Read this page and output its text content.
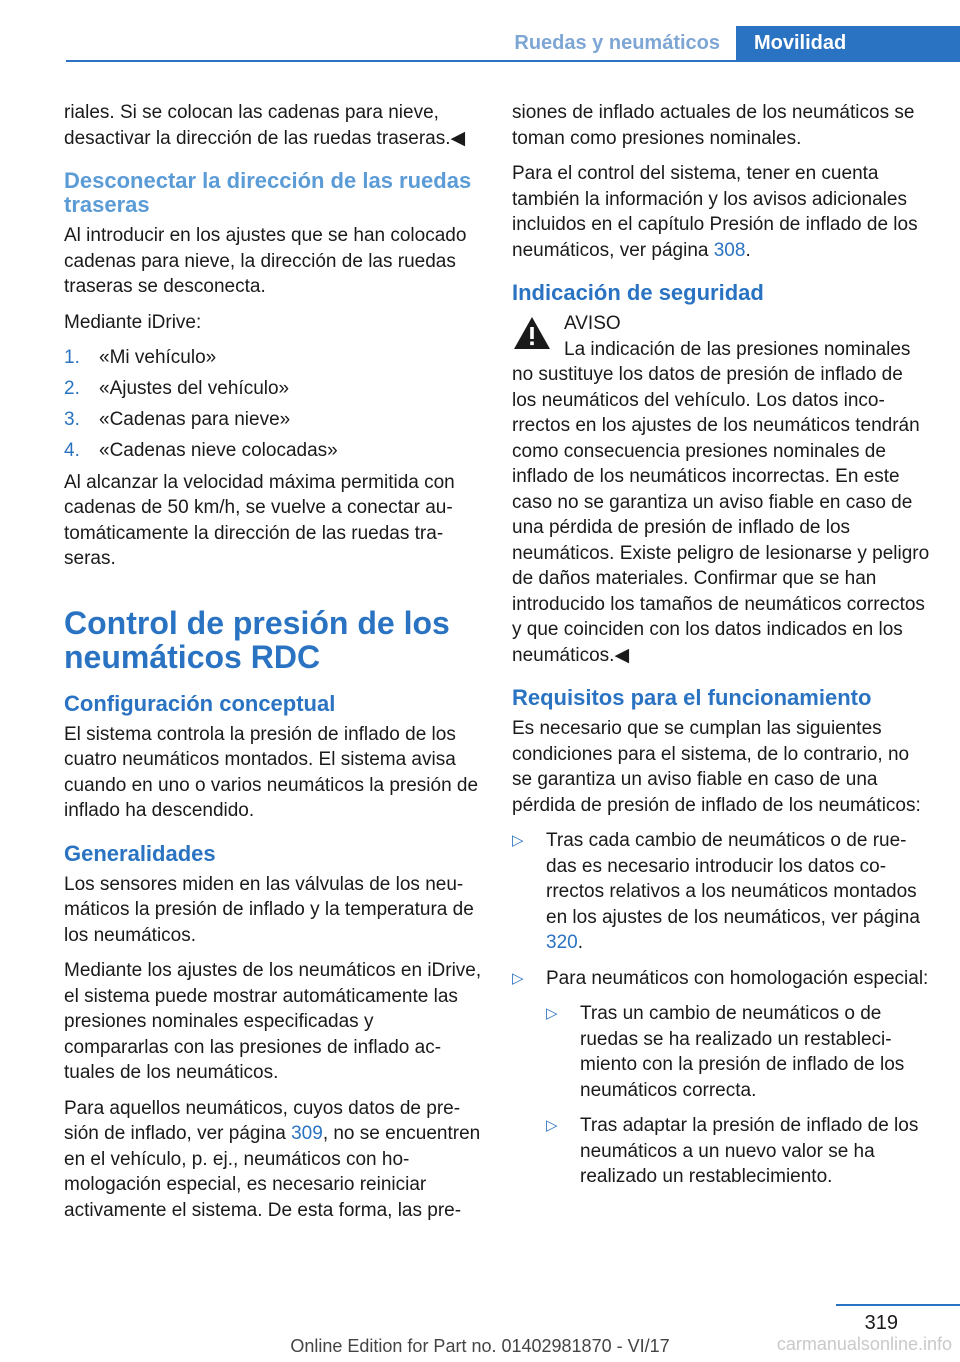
Ruedas y neumáticos	Movilidad

riales. Si se colocan las cadenas para nieve, desactivar la dirección de las ruedas traseras.◀

Desconectar la dirección de las ruedas traseras

Al introducir en los ajustes que se han colocado cadenas para nieve, la dirección de las ruedas traseras se desconecta.

Mediante iDrive:

1. «Mi vehículo»
2. «Ajustes del vehículo»
3. «Cadenas para nieve»
4. «Cadenas nieve colocadas»

Al alcanzar la velocidad máxima permitida con cadenas de 50 km/h, se vuelve a conectar automáticamente la dirección de las ruedas traseras.

Control de presión de los neumáticos RDC
Configuración conceptual

El sistema controla la presión de inflado de los cuatro neumáticos montados. El sistema avisa cuando en uno o varios neumáticos la presión de inflado ha descendido.

Generalidades

Los sensores miden en las válvulas de los neumáticos la presión de inflado y la temperatura de los neumáticos.

Mediante los ajustes de los neumáticos en iDrive, el sistema puede mostrar automáticamente las presiones nominales especificadas y compararlas con las presiones de inflado actuales de los neumáticos.

Para aquellos neumáticos, cuyos datos de presión de inflado, ver página 309, no se encuentren en el vehículo, p. ej., neumáticos con homologación especial, es necesario reiniciar activamente el sistema. De esta forma, las pre-

siones de inflado actuales de los neumáticos se toman como presiones nominales.

Para el control del sistema, tener en cuenta también la información y los avisos adicionales incluidos en el capítulo Presión de inflado de los neumáticos, ver página 308.

Indicación de seguridad

AVISO

La indicación de las presiones nominales no sustituye los datos de presión de inflado de los neumáticos del vehículo. Los datos incorrectos en los ajustes de los neumáticos tendrán como consecuencia presiones nominales de inflado de los neumáticos incorrectas. En este caso no se garantiza un aviso fiable en caso de una pérdida de presión de inflado de los neumáticos. Existe peligro de lesionarse y peligro de daños materiales. Confirmar que se han introducido los tamaños de neumáticos correctos y que coinciden con los datos indicados en los neumáticos.◀

Requisitos para el funcionamiento

Es necesario que se cumplan las siguientes condiciones para el sistema, de lo contrario, no se garantiza un aviso fiable en caso de una pérdida de presión de inflado de los neumáticos:

▷ Tras cada cambio de neumáticos o de ruedas es necesario introducir los datos correctos relativos a los neumáticos montados en los ajustes de los neumáticos, ver página 320.
▷ Para neumáticos con homologación especial:
▷ Tras un cambio de neumáticos o de ruedas se ha realizado un restablecimiento con la presión de inflado de los neumáticos correcta.
▷ Tras adaptar la presión de inflado de los neumáticos a un nuevo valor se ha realizado un restablecimiento.
319
Online Edition for Part no. 01402981870 - VI/17	carmanualsonline.info
